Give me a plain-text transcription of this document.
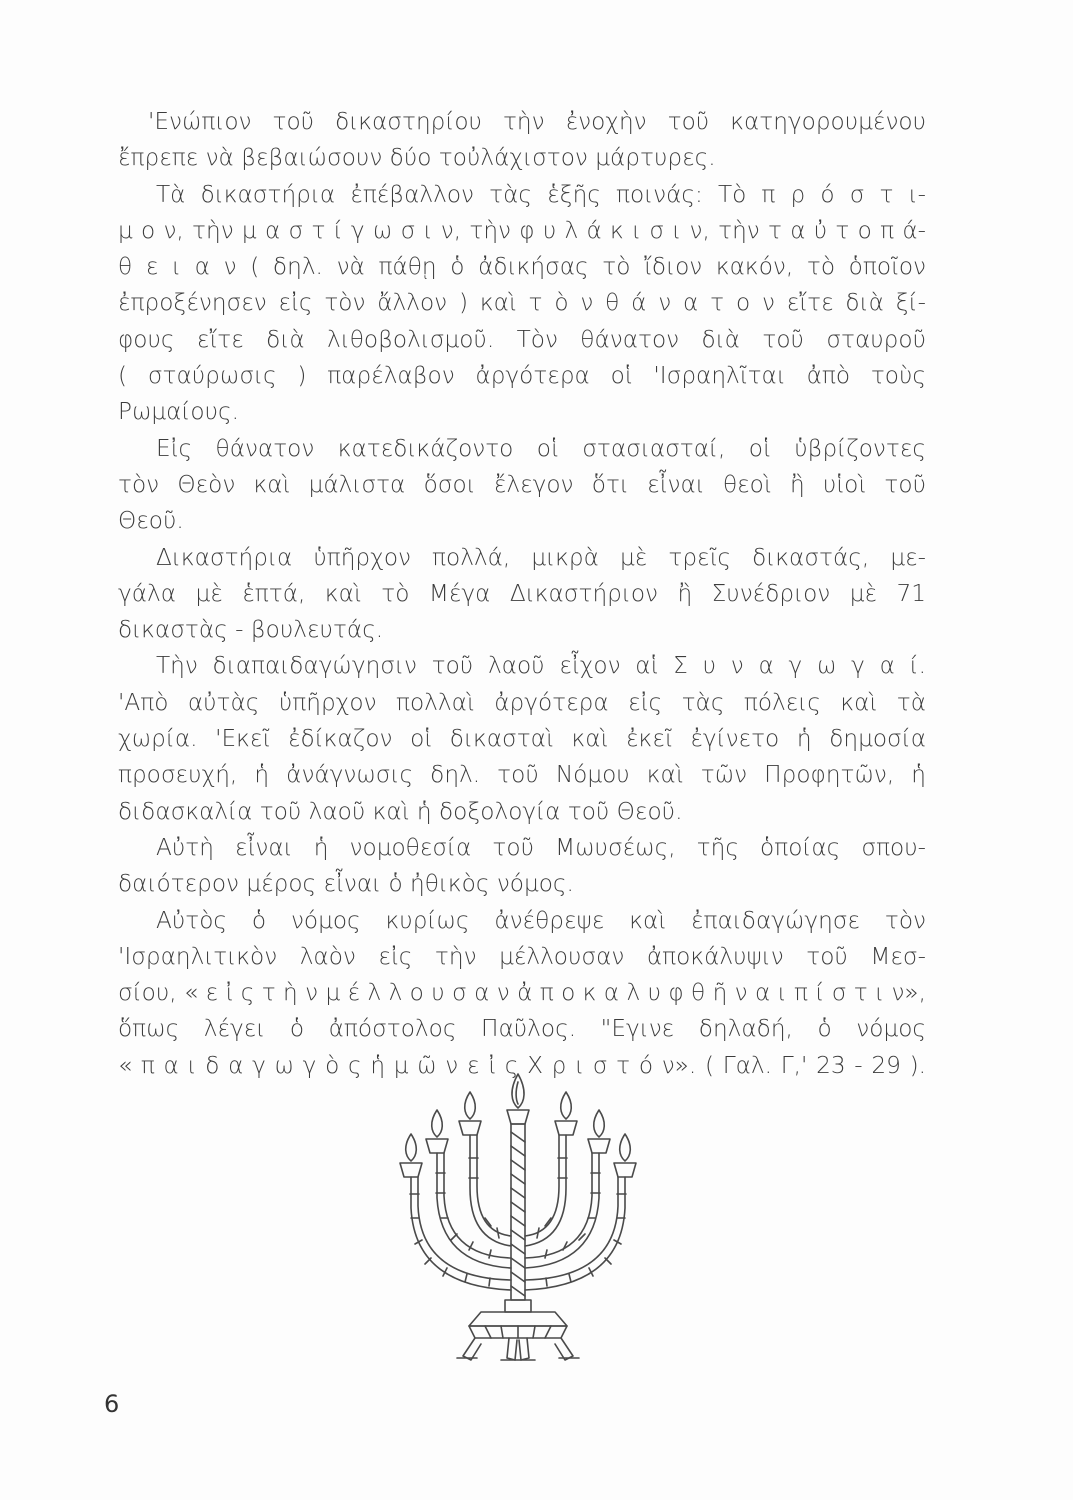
'Ενώπιον τοῦ δικαστηρίου τὴν ἐνοχὴν τοῦ κατηγορουμένου
ἔπρεπε νὰ βεβαιώσουν δύο τοὐλάχιστον μάρτυρες.
Τὰ δικαστήρια ἐπέβαλλον τὰς ἑξῆς ποινάς: Τὸ π ρ ό σ τ ι-
μ ο ν, τὴν μ α σ τ ί γ ω σ ι ν, τὴν φ υ λ ά κ ι σ ι ν, τὴν τ α ὐ τ ο π ά-
θ ε ι α ν ( δηλ. νὰ πάθῃ ὁ ἀδικήσας τὸ ἴδιον κακόν, τὸ ὁποῖον
ἐπροξένησεν εἰς τὸν ἄλλον ) καὶ τ ὸ ν θ ά ν α τ ο ν εἴτε διὰ ξί-
φους εἴτε διὰ λιθοβολισμοῦ. Τὸν θάνατον διὰ τοῦ σταυροῦ
( σταύρωσις ) παρέλαβον ἀργότερα οἱ 'Ισραηλῖται ἀπὸ τοὺς
Ρωμαίους.
Εἰς θάνατον κατεδικάζοντο οἱ στασιασταί, οἱ ὑβρίζοντες
τὸν Θεὸν καὶ μάλιστα ὅσοι ἔλεγον ὅτι εἶναι θεοὶ ἢ υἱοὶ τοῦ
Θεοῦ.
Δικαστήρια ὑπῆρχον πολλά, μικρὰ μὲ τρεῖς δικαστάς, με-
γάλα μὲ ἑπτά, καὶ τὸ Μέγα Δικαστήριον ἢ Συνέδριον μὲ 71
δικαστὰς - βουλευτάς.
Τὴν διαπαιδαγώγησιν τοῦ λαοῦ εἶχον αἱ Σ υ ν α γ ω γ α ί.
'Απὸ αὐτὰς ὑπῆρχον πολλαὶ ἀργότερα εἰς τὰς πόλεις καὶ τὰ
χωρία. 'Εκεῖ ἐδίκαζον οἱ δικασταὶ καὶ ἐκεῖ ἐγίνετο ἡ δημοσία
προσευχή, ἡ ἀνάγνωσις δηλ. τοῦ Νόμου καὶ τῶν Προφητῶν, ἡ
διδασκαλία τοῦ λαοῦ καὶ ἡ δοξολογία τοῦ Θεοῦ.
Αὐτὴ εἶναι ἡ νομοθεσία τοῦ Μωυσέως, τῆς ὁποίας σπου-
δαιότερον μέρος εἶναι ὁ ἠθικὸς νόμος.
Αὐτὸς ὁ νόμος κυρίως ἀνέθρεψε καὶ ἐπαιδαγώγησε τὸν
'Ισραηλιτικὸν λαὸν εἰς τὴν μέλλουσαν ἀποκάλυψιν τοῦ Μεσ-
σίου, « ε ἰ ς τ ὴ ν μ έ λ λ ο υ σ α ν ἀ π ο κ α λ υ φ θ ῆ ν α ι π ί σ τ ι ν»,
ὅπως λέγει ὁ ἀπόστολος Παῦλος. "Εγινε δηλαδή, ὁ νόμος
« π α ι δ α γ ω γ ὸ ς ἡ μ ῶ ν ε ἰ ς Χ ρ ι σ τ ό ν». ( Γαλ. Γ,' 23 - 29 ).
6
